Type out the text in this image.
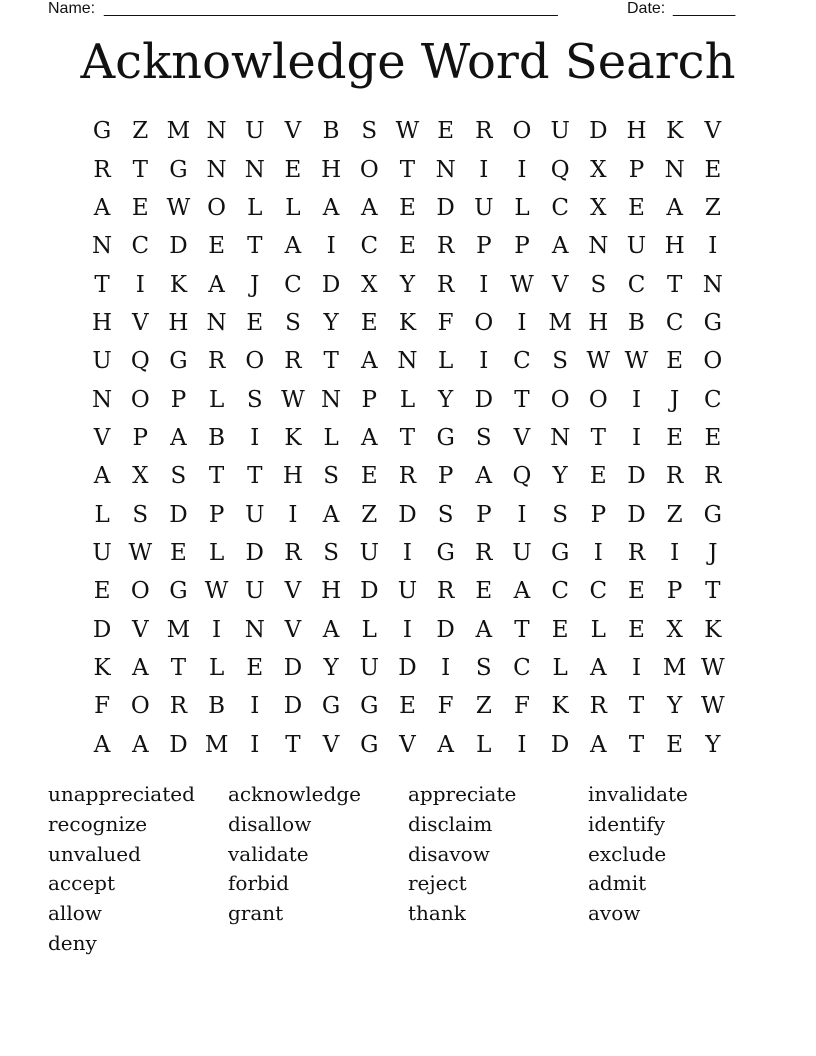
Name: ___________________________________________________	Date: _______
Acknowledge Word Search
G Z M N U V B S W E R O U D H K V
R T G N N E H O T N	I	I	Q X P N E
A E W O L L A A E D U L C X E A Z
N C D E T A	I	C E R P P A N U H	I
T	I	K A	J	C D X Y R	I W V S C T N
H V H N E S Y E K F O	I M H B C G
U Q G R O R T A N L	I	C S W W E O
N O P L S W N P L Y D T O O	I	J	C
V P A B	I	K L A T G S V N T	I	E E
A X S T T H S E R P A Q Y E D R R
L S D P U	I	A Z D S P	I	S P D Z G
U W E L D R S U	I	G R U G	I	R	I	J
E O G W U V H D U R E A C C E P T
D V M I	N V A L	I	D A T E L E X K
K A T L E D Y U D	I	S C L A	I M W
F O R B	I	D G G E F Z F K R T Y W
A A D M I	T V G V A L	I	D A T E Y
unappreciated	acknowledge	appreciate	invalidate
recognize	disallow	disclaim	identify
unvalued	validate	disavow	exclude
accept	forbid	reject	admit
allow	grant	thank	avow
deny
